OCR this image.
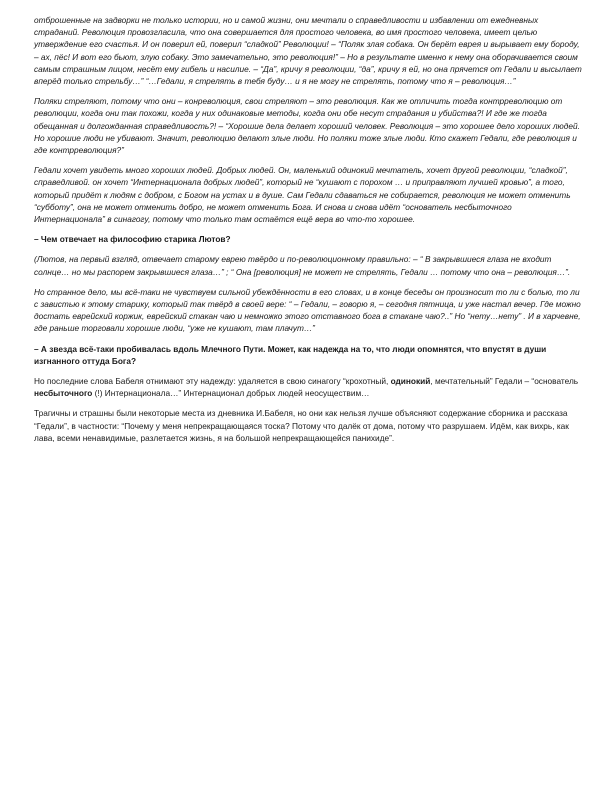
отброшенные на задворки не только истории, но и самой жизни, они мечтали о справедливости и избавлении от ежедневных страданий. Революция провозгласила, что она совершается для простого человека, во имя простого человека, имеет целью утверждение его счастья. И он поверил ей, поверил “сладкой” Революции! – “Поляк злая собака. Он берёт еврея и вырывает ему бороду, – ах, пёс! И вот его бьют, злую собаку. Это замечательно, это революция!” – Но в результате именно к нему она оборачивается своим самым страшным лицом, несёт ему гибель и насилие. – “Да”, кричу я революции, “да”, кричу я ей, но она прячется от Гедали и высылает вперёд только стрельбу…” “…Гедали, я стрелять в тебя буду… и я не могу не стрелять, потому что я – революция…”

Поляки стреляют, потому что они – конреволюция, свои стреляют – это революция. Как же отличить тогда контрреволюцию от революции, когда они так похожи, когда у них одинаковые методы, когда они обе несут страдания и убийства?! И где же тогда обещанная и долгожданная справедливость?! – “Хорошие дела делает хороший человек. Революция – это хорошее дело хороших людей. Но хорошие люди не убивают. Значит, революцию делают злые люди. Но поляки тоже злые люди. Кто скажет Гедали, где революция и где контрреволюция?”

Гедали хочет увидеть много хороших людей. Добрых людей. Он, маленький одинокий мечтатель, хочет другой революции, “сладкой”, справедливой. он хочет “Интернационала добрых людей”, который не “кушают с порохом … и приправляют лучшей кровью”, а того, который придёт к людям с добром, с Богом на устах и в душе. Сам Гедали сдаваться не собирается, революция не может отменить “субботу”, она не может отменить добро, не может отменить Бога. И снова и снова идёт “основатель несбыточного Интернационала” в синагогу, потому что только там остаётся ещё вера во что-то хорошее.

– Чем отвечает на философию старика Лютов?

(Лютов, на первый взгляд, отвечает старому еврею твёрдо и по-революционному правильно: – “ В закрывшиеся глаза не входит солнце… но мы распорем закрывшиеся глаза…” ; “ Она [революция] не может не стрелять, Гедали … потому что она – революция…”.

Но странное дело, мы всё-таки не чувствуем сильной убеждённости в его словах, и в конце беседы он произносит то ли с болью, то ли с завистью к этому старику, который так твёрд в своей вере: “ – Гедали, – говорю я, – сегодня пятница, и уже настал вечер. Где можно достать еврейский коржик, еврейский стакан чаю и немножко этого отставного бога в стакане чаю?..” Но “нету…нету” . И в харчевне, где раньше торговали хорошие люди, “уже не кушают, там плачут…”

– А звезда всё-таки пробивалась вдоль Млечного Пути. Может, как надежда на то, что люди опомнятся, что впустят в души изгнанного оттуда Бога?

Но последние слова Бабеля отнимают эту надежду: удаляется в свою синагогу “крохотный, одинокий, мечтательный” Гедали – “основатель несбыточного (!) Интернационала…” Интернационал добрых людей неосуществим…

Трагичны и страшны были некоторые места из дневника И.Бабеля, но они как нельзя лучше объясняют содержание сборника и рассказа “Гедали”, в частности: “Почему у меня непрекращающаяся тоска? Потому что далёк от дома, потому что разрушаем. Идём, как вихрь, как лава, всеми ненавидимые, разлетается жизнь, я на большой непрекращающейся панихиде”.
